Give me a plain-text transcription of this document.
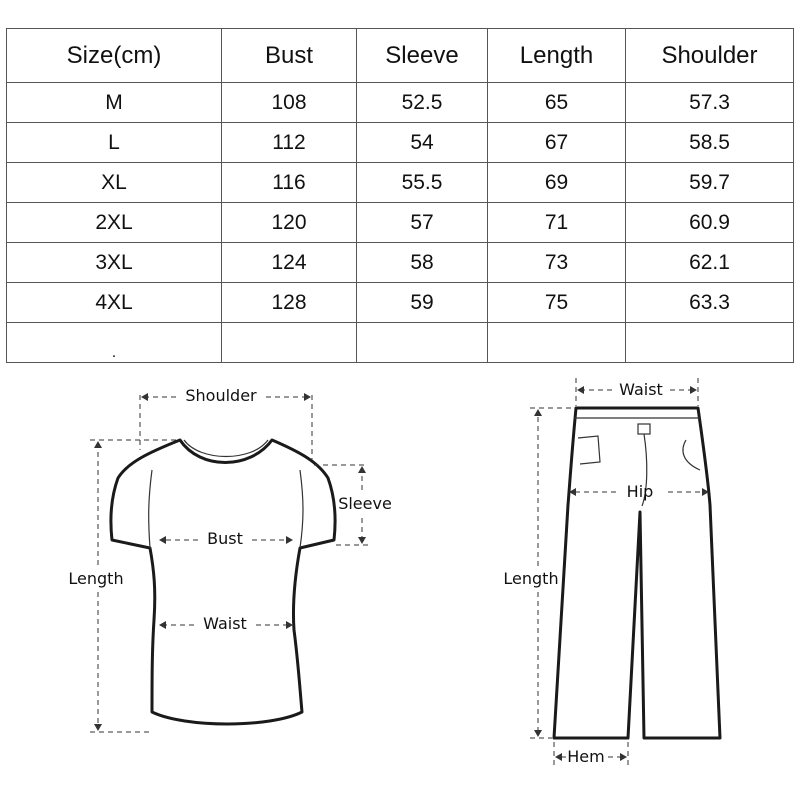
Size(cm)	Bust	Sleeve	Length	Shoulder
M	108	52.5	65	57.3
L	112	54	67	58.5
XL	116	55.5	69	59.7
2XL	120	57	71	60.9
3XL	124	58	73	62.1
4XL	128	59	75	63.3
.				
Shoulder
Sleeve
Bust
Waist
Length
Waist
Hip
Length
Hem
